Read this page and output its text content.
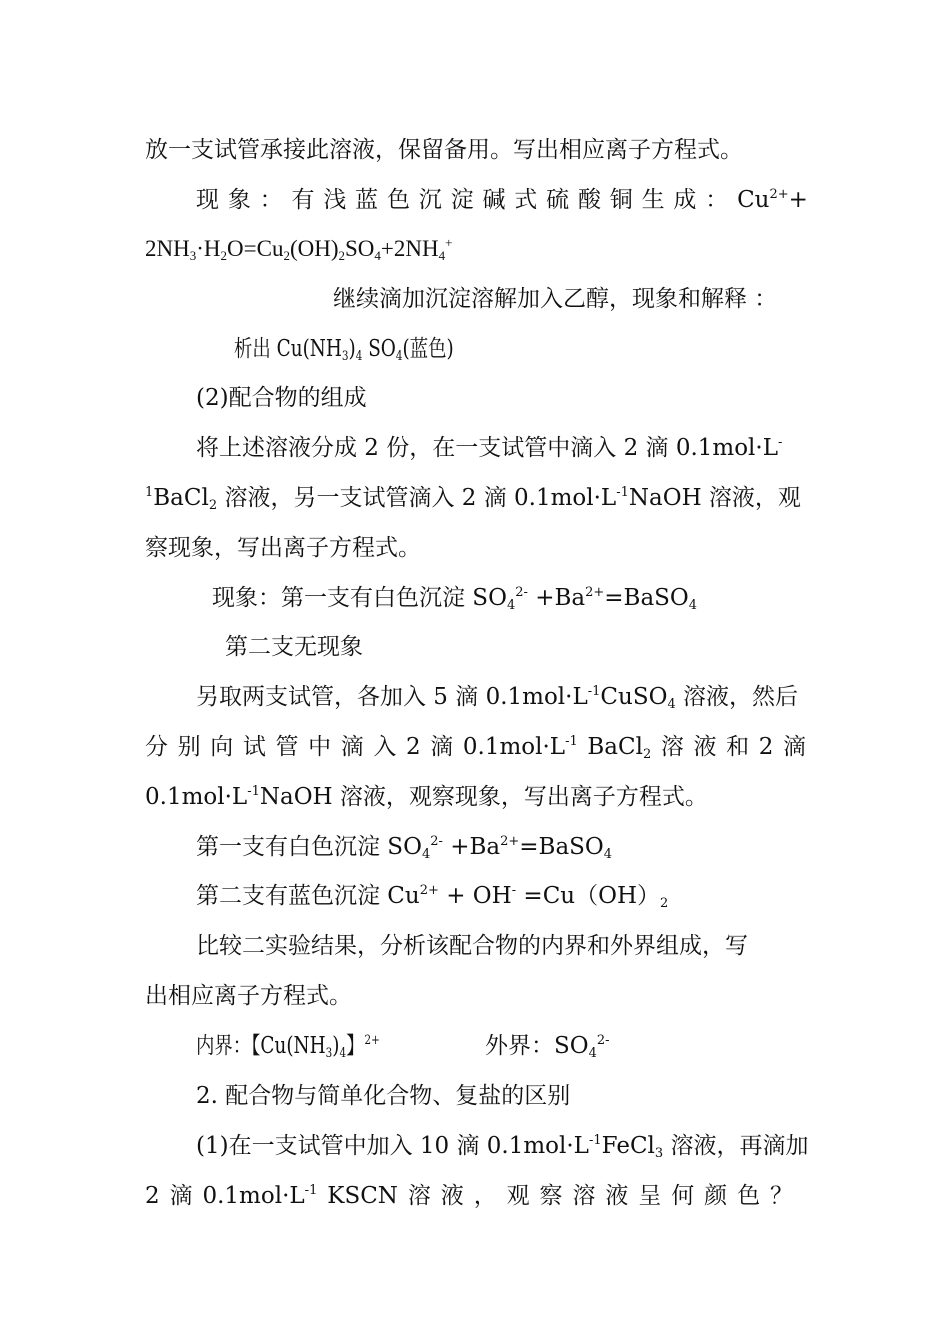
放一支试管承接此溶液，保留备用。写出相应离子方程式。
现 象 ： 有 浅 蓝 色 沉 淀 碱 式 硫 酸 铜 生 成 ： $Cu^{2+}+$
$2NH_3\cdot H_2O=Cu_2(OH)_2SO_4+2NH_4^+$
继续滴加沉淀溶解加入乙醇，现象和解释 ：
析出 $Cu(NH_3)_4$ $SO_4$(蓝色)
(2)配合物的组成
将上述溶液分成 2 份，在一支试管中滴入 2 滴 0.1mol·L-
$^1$BaCl$_2$ 溶液，另一支试管滴入 2 滴 $0.1mol\cdot L^{-1}NaOH$ 溶液，观
察现象，写出离子方程式。
现象：第一支有白色沉淀 $SO_4^{2-}$ $+Ba^{2+}=BaSO_4$
第二支无现象
另取两支试管，各加入 5 滴 $0.1mol\cdot L^{-1}CuSO_4$ 溶液，然后
分 别 向 试 管 中 滴 入 2 滴 $0.1mol\cdot L^{-1}$ BaCl$_2$ 溶 液 和 2 滴
$0.1mol\cdot L^{-1}NaOH$ 溶液，观察现象，写出离子方程式。
第一支有白色沉淀 $SO_4^{2-}$ $+Ba^{2+}=BaSO_4$
第二支有蓝色沉淀 $Cu^{2+} + OH^- =Cu(OH)_2$
比较二实验结果，分析该配合物的内界和外界组成，写
出相应离子方程式。
内界：【$Cu(NH_3)_4$】$^{2+}$	外界：$SO_4^{2-}$
2. 配合物与简单化合物、复盐的区别
(1)在一支试管中加入 10 滴 $0.1mol\cdot L^{-1}FeCl_3$ 溶液，再滴加
2 滴 $0.1mol\cdot L^{-1}$ KSCN 溶 液 ， 观 察 溶 液 呈 何 颜 色 ？
